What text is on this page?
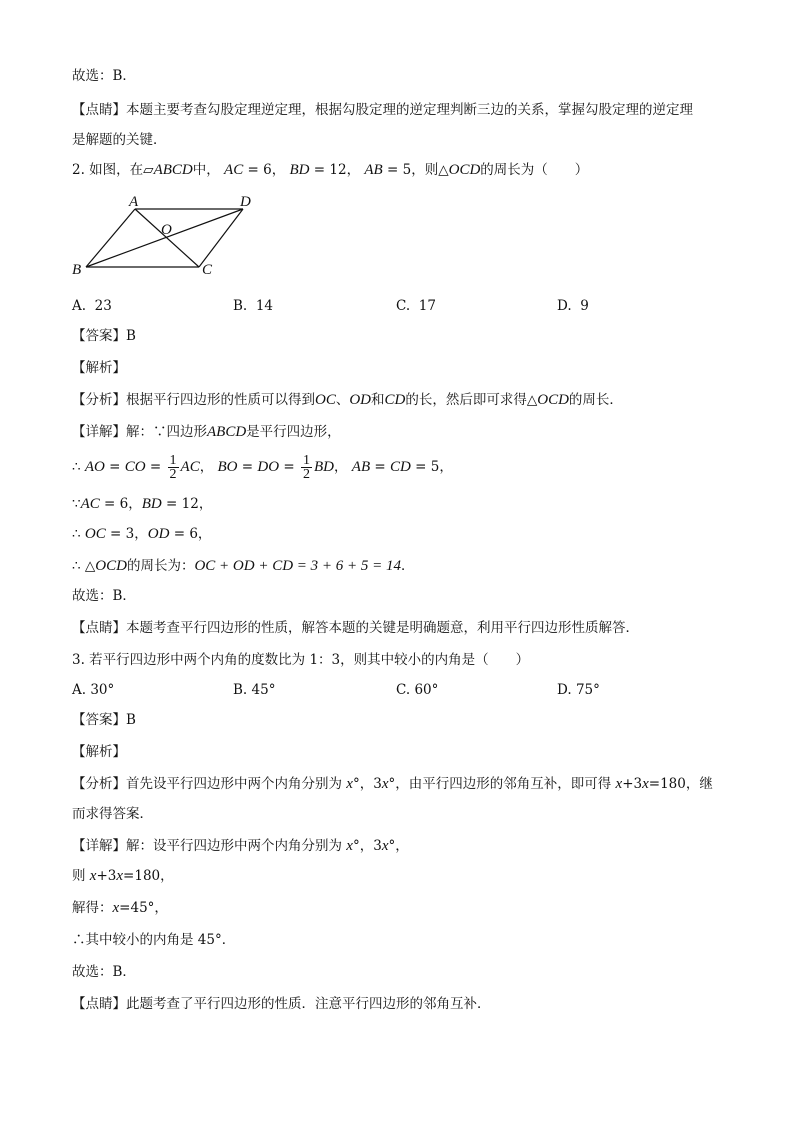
故选：B．
【点睛】本题主要考查勾股定理逆定理，根据勾股定理的逆定理判断三边的关系，掌握勾股定理的逆定理
是解题的关键．
2. 如图，在▱ABCD中， AC = 6， BD = 12， AB = 5，则△OCD的周长为（　　）
A	D
O
B	C
A. 23	B. 14	C. 17	D. 9
【答案】B
【解析】
【分析】根据平行四边形的性质可以得到OC、OD和CD的长，然后即可求得△OCD的周长．
【详解】解：∵四边形ABCD是平行四边形，
∴ AO = CO = $\frac{1}{2}$ AC， BO = DO = $\frac{1}{2}$ BD， AB = CD = 5，
∵AC = 6，BD = 12，
∴ OC = 3，OD = 6，
∴ △OCD的周长为：OC + OD + CD = 3 + 6 + 5 = 14．
故选：B．
【点睛】本题考查平行四边形的性质，解答本题的关键是明确题意，利用平行四边形性质解答．
3. 若平行四边形中两个内角的度数比为 1：3，则其中较小的内角是（　　）
A. 30°	B. 45°	C. 60°	D. 75°
【答案】B
【解析】
【分析】首先设平行四边形中两个内角分别为 x°，3x°，由平行四边形的邻角互补，即可得 x+3x=180，继
而求得答案．
【详解】解：设平行四边形中两个内角分别为 x°，3x°，
则 x+3x=180，
解得：x=45°，
∴其中较小的内角是 45°．
故选：B．
【点睛】此题考查了平行四边形的性质．注意平行四边形的邻角互补．
